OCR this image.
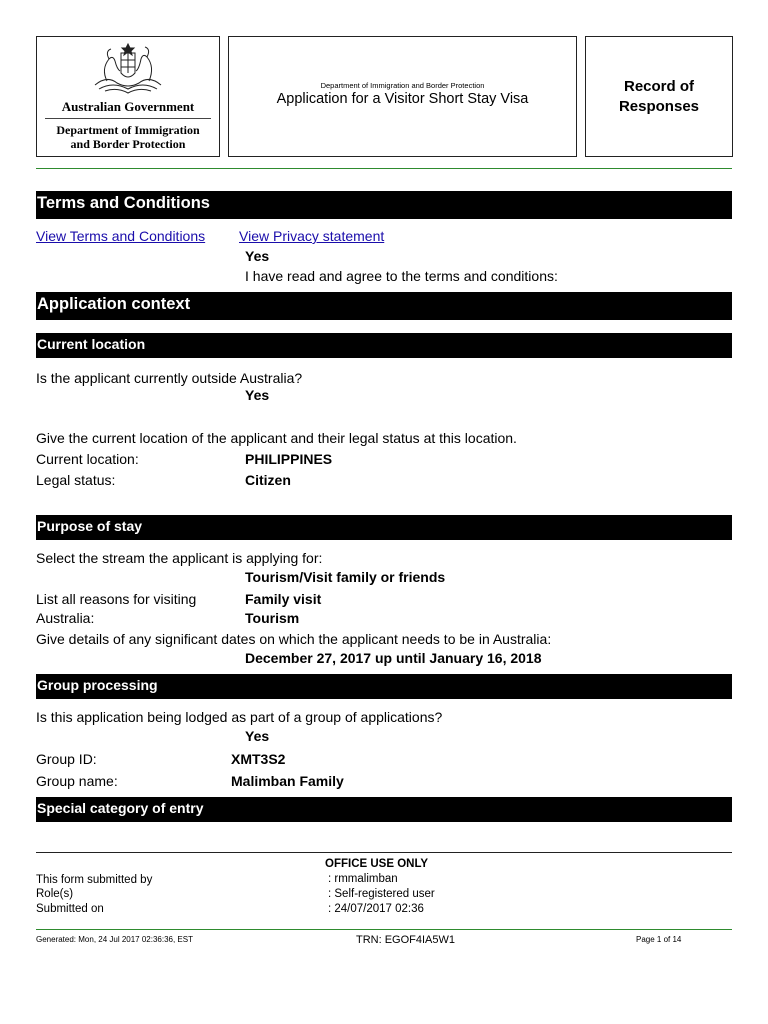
Australian Government
Department of Immigration
and Border Protection
Department of Immigration and Border Protection
Application for a Visitor Short Stay Visa
Record of
Responses
Terms and Conditions
View Terms and Conditions View Privacy statement
Yes
I have read and agree to the terms and conditions:
Application context
Current location
Is the applicant currently outside Australia?
Yes
Give the current location of the applicant and their legal status at this location.
Current location:	PHILIPPINES
Legal status:	Citizen
Purpose of stay
Select the stream the applicant is applying for:
Tourism/Visit family or friends
List all reasons for visiting
Australia:
Family visit
Tourism
Give details of any significant dates on which the applicant needs to be in Australia:
December 27, 2017 up until January 16, 2018
Group processing
Is this application being lodged as part of a group of applications?
Yes
Group ID:	XMT3S2
Group name:	Malimban Family
Special category of entry
OFFICE USE ONLY
This form submitted by	: rmmalimban
Role(s)	: Self-registered user
Submitted on	: 24/07/2017 02:36
Generated: Mon, 24 Jul 2017 02:36:36, EST	TRN: EGOF4IA5W1	Page 1 of 14
